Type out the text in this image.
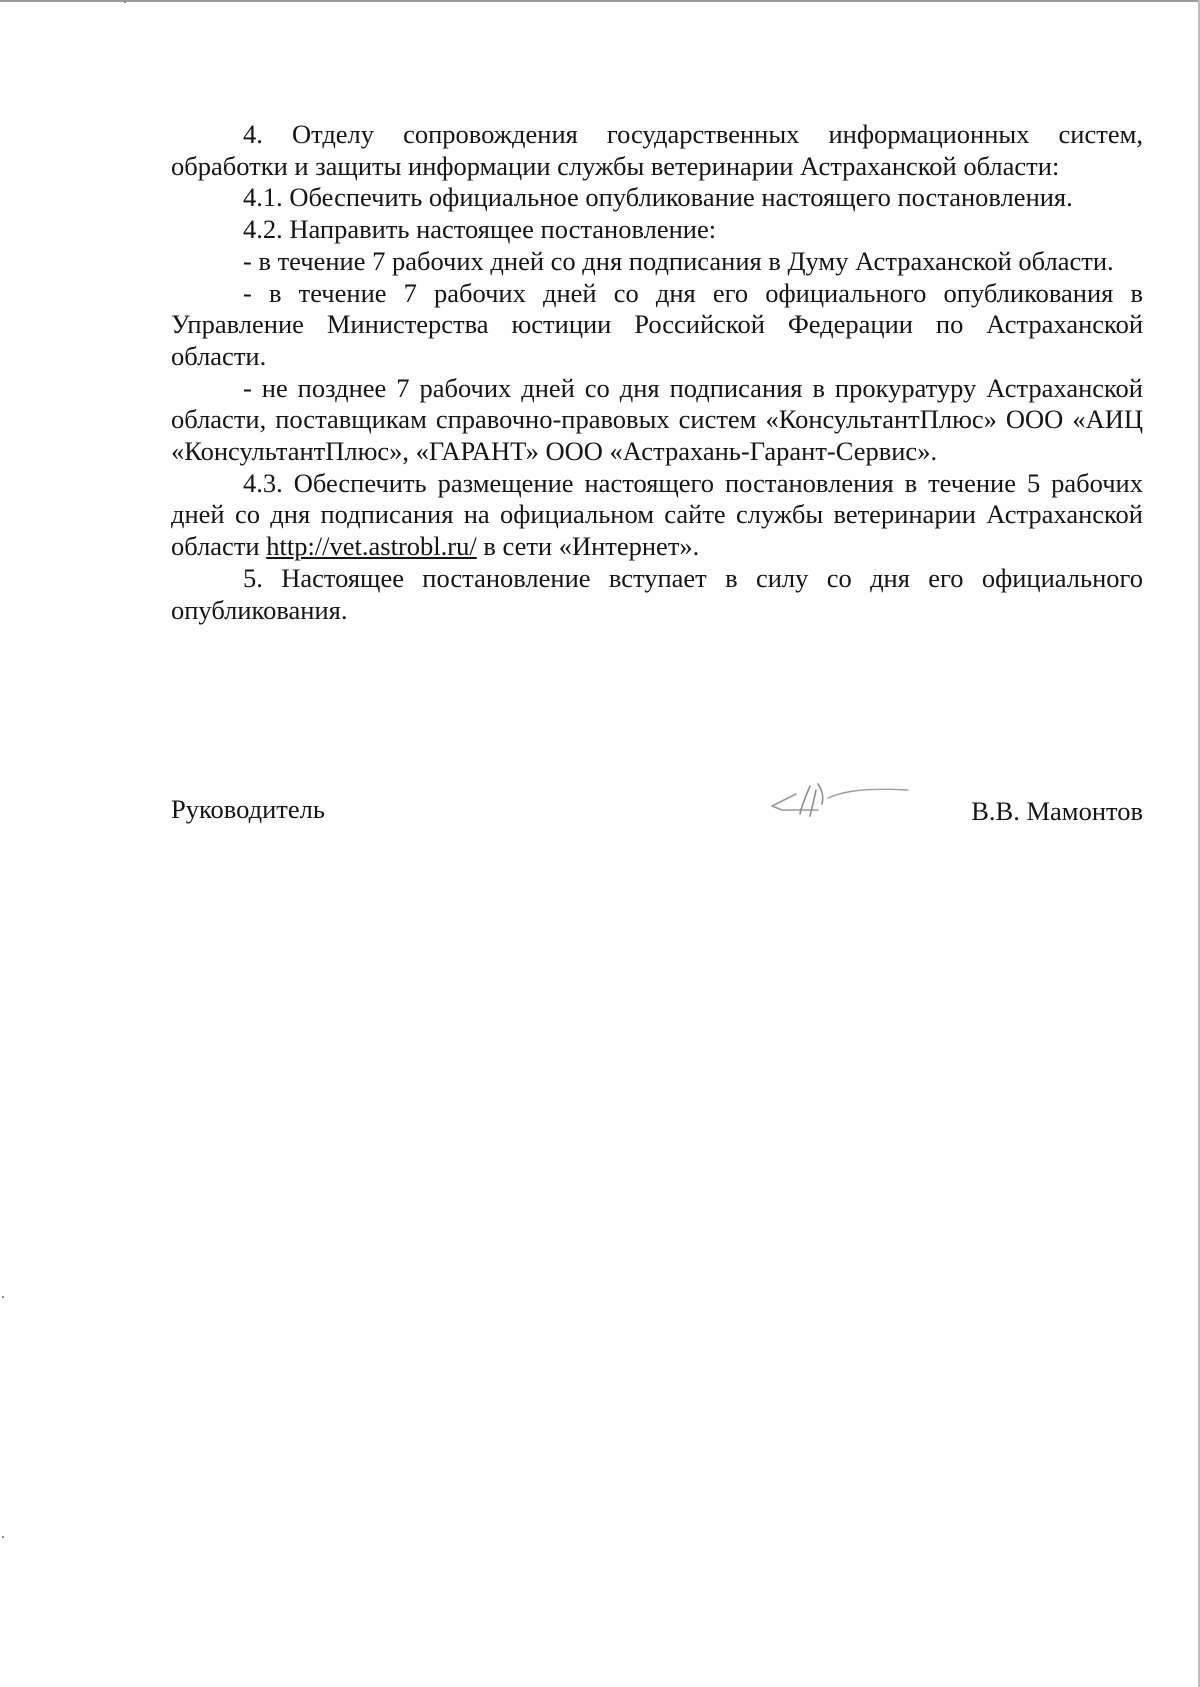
4. Отделу сопровождения государственных информационных систем, обработки и защиты информации службы ветеринарии Астраханской области:

4.1. Обеспечить официальное опубликование настоящего постановления.

4.2. Направить настоящее постановление:

- в течение 7 рабочих дней со дня подписания в Думу Астраханской области.

- в течение 7 рабочих дней со дня его официального опубликования в Управление Министерства юстиции Российской Федерации по Астраханской области.

- не позднее 7 рабочих дней со дня подписания в прокуратуру Астраханской области, поставщикам справочно-правовых систем «КонсультантПлюс» ООО «АИЦ «КонсультантПлюс», «ГАРАНТ» ООО «Астрахань-Гарант-Сервис».

4.3. Обеспечить размещение настоящего постановления в течение 5 рабочих дней со дня подписания на официальном сайте службы ветеринарии Астраханской области http://vet.astrobl.ru/ в сети «Интернет».

5. Настоящее постановление вступает в силу со дня его официального опубликования.

Руководитель	В.В. Мамонтов
